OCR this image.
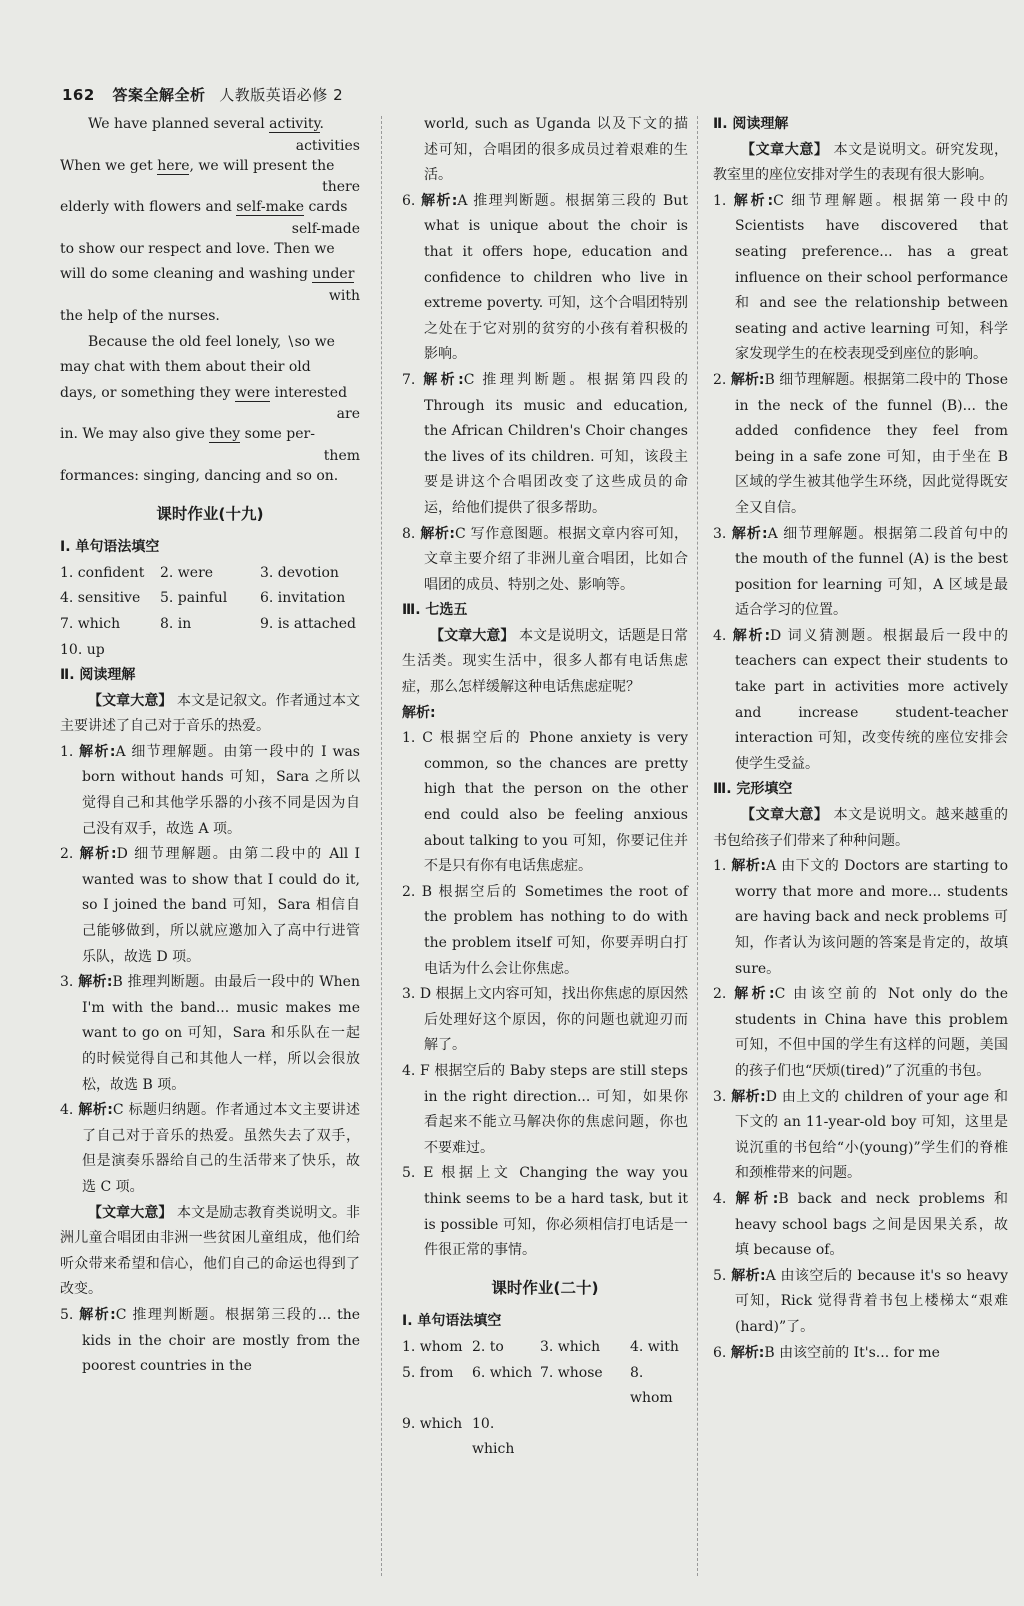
162 答案全解全析 人教版英语必修 2

We have planned several activity.

activities

When we get here, we will present the

there

elderly with flowers and self-make cards

self-made

to show our respect and love. Then we

will do some cleaning and washing under

with

the help of the nurses.

Because the old feel lonely, ∖so we

may chat with them about their old

days, or something they were interested

are

in. We may also give they some per-

them

formances: singing, dancing and so on.

课时作业(十九)
Ⅰ. 单句语法填空
1. confident	2. were	3. devotion
4. sensitive	5. painful	6. invitation
7. which	8. in	9. is attached
10. up
Ⅱ. 阅读理解

【文章大意】 本文是记叙文。作者通过本文主要讲述了自己对于音乐的热爱。

1. 解析:A 细节理解题。由第一段中的 I was born without hands 可知，Sara 之所以觉得自己和其他学乐器的小孩不同是因为自己没有双手，故选 A 项。

2. 解析:D 细节理解题。由第二段中的 All I wanted was to show that I could do it, so I joined the band 可知，Sara 相信自己能够做到，所以就应邀加入了高中行进管乐队，故选 D 项。

3. 解析:B 推理判断题。由最后一段中的 When I'm with the band... music makes me want to go on 可知，Sara 和乐队在一起的时候觉得自己和其他人一样，所以会很放松，故选 B 项。

4. 解析:C 标题归纳题。作者通过本文主要讲述了自己对于音乐的热爱。虽然失去了双手，但是演奏乐器给自己的生活带来了快乐，故选 C 项。

【文章大意】 本文是励志教育类说明文。非洲儿童合唱团由非洲一些贫困儿童组成，他们给听众带来希望和信心，他们自己的命运也得到了改变。

5. 解析:C 推理判断题。根据第三段的... the kids in the choir are mostly from the poorest countries in the

world, such as Uganda 以及下文的描述可知，合唱团的很多成员过着艰难的生活。

6. 解析:A 推理判断题。根据第三段的 But what is unique about the choir is that it offers hope, education and confidence to children who live in extreme poverty. 可知，这个合唱团特别之处在于它对别的贫穷的小孩有着积极的影响。

7. 解析:C 推理判断题。根据第四段的 Through its music and education, the African Children's Choir changes the lives of its children. 可知，该段主要是讲这个合唱团改变了这些成员的命运，给他们提供了很多帮助。

8. 解析:C 写作意图题。根据文章内容可知，文章主要介绍了非洲儿童合唱团，比如合唱团的成员、特别之处、影响等。

Ⅲ. 七选五

【文章大意】 本文是说明文，话题是日常生活类。现实生活中，很多人都有电话焦虑症，那么怎样缓解这种电话焦虑症呢？

解析:

1. C 根据空后的 Phone anxiety is very common, so the chances are pretty high that the person on the other end could also be feeling anxious about talking to you 可知，你要记住并不是只有你有电话焦虑症。

2. B 根据空后的 Sometimes the root of the problem has nothing to do with the problem itself 可知，你要弄明白打电话为什么会让你焦虑。

3. D 根据上文内容可知，找出你焦虑的原因然后处理好这个原因，你的问题也就迎刃而解了。

4. F 根据空后的 Baby steps are still steps in the right direction... 可知，如果你看起来不能立马解决你的焦虑问题，你也不要难过。

5. E 根据上文 Changing the way you think seems to be a hard task, but it is possible 可知，你必须相信打电话是一件很正常的事情。

课时作业(二十)
Ⅰ. 单句语法填空
1. whom 2. to	3. which	4. with
5. from	6. which 7. whose	8. whom
9. which 10. which
Ⅱ. 阅读理解

【文章大意】 本文是说明文。研究发现，教室里的座位安排对学生的表现有很大影响。

1. 解析:C 细节理解题。根据第一段中的 Scientists have discovered that seating preference... has a great influence on their school performance 和 and see the relationship between seating and active learning 可知，科学家发现学生的在校表现受到座位的影响。

2. 解析:B 细节理解题。根据第二段中的 Those in the neck of the funnel (B)... the added confidence they feel from being in a safe zone 可知，由于坐在 B 区域的学生被其他学生环绕，因此觉得既安全又自信。

3. 解析:A 细节理解题。根据第二段首句中的 the mouth of the funnel (A) is the best position for learning 可知，A 区域是最适合学习的位置。

4. 解析:D 词义猜测题。根据最后一段中的 teachers can expect their students to take part in activities more actively and increase student-teacher interaction 可知，改变传统的座位安排会使学生受益。

Ⅲ. 完形填空

【文章大意】 本文是说明文。越来越重的书包给孩子们带来了种种问题。

1. 解析:A 由下文的 Doctors are starting to worry that more and more... students are having back and neck problems 可知，作者认为该问题的答案是肯定的，故填 sure。

2. 解析:C 由该空前的 Not only do the students in China have this problem 可知，不但中国的学生有这样的问题，美国的孩子们也“厌烦(tired)”了沉重的书包。

3. 解析:D 由上文的 children of your age 和下文的 an 11-year-old boy 可知，这里是说沉重的书包给“小(young)”学生们的脊椎和颈椎带来的问题。

4. 解析:B back and neck problems 和 heavy school bags 之间是因果关系，故填 because of。

5. 解析:A 由该空后的 because it's so heavy 可知，Rick 觉得背着书包上楼梯太“艰难(hard)”了。

6. 解析:B 由该空前的 It's... for me
